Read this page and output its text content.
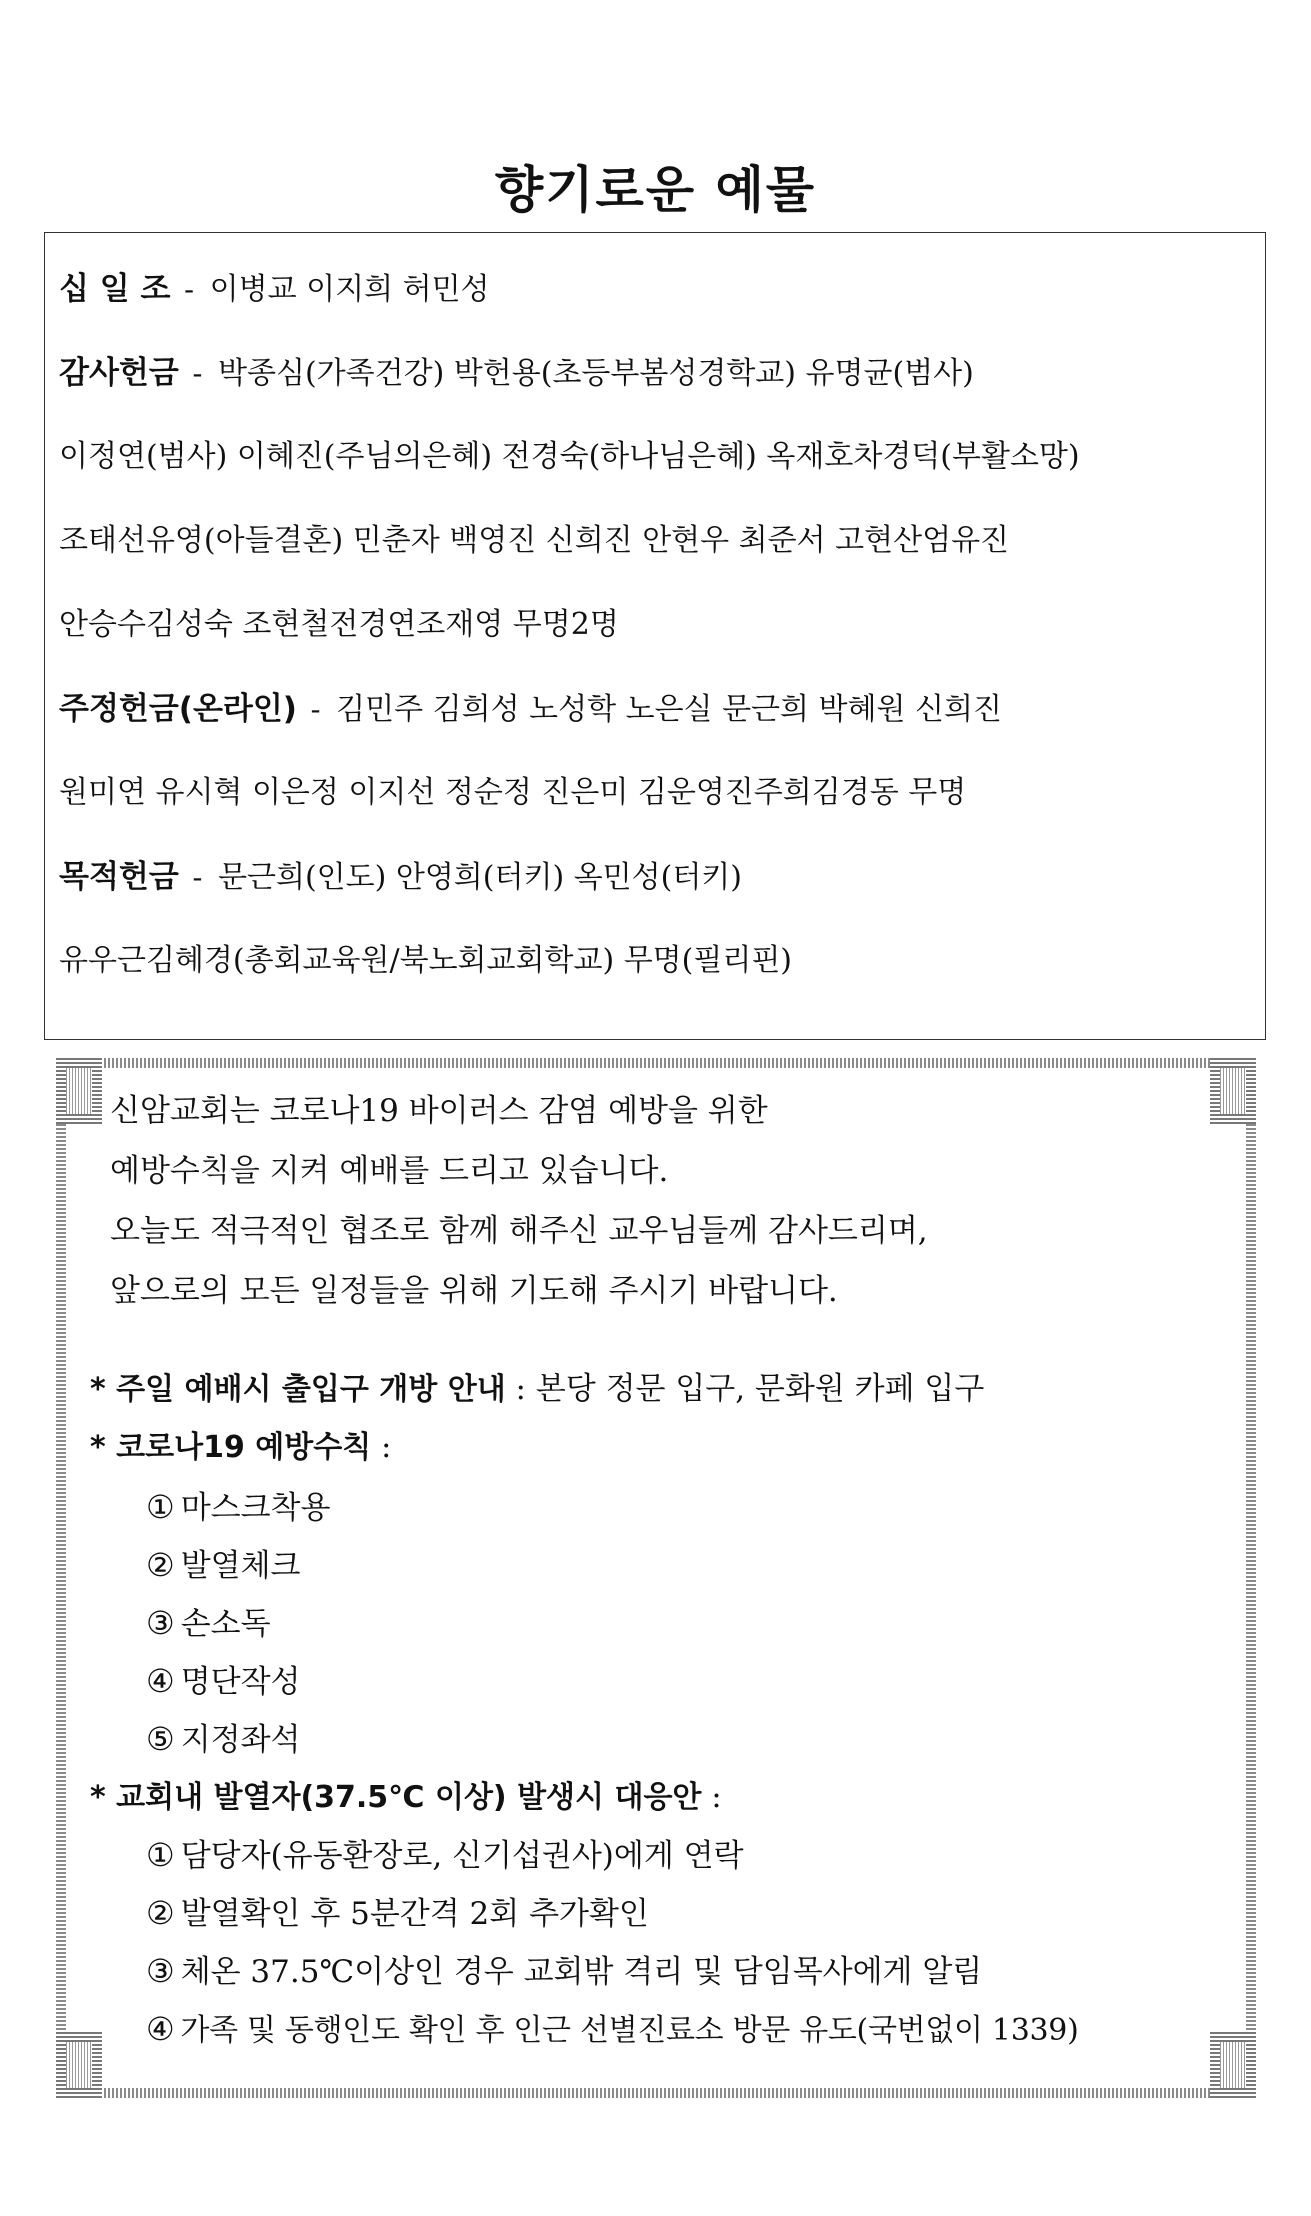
향기로운 예물
십 일 조 - 이병교 이지희 허민성
감사헌금 - 박종심(가족건강) 박헌용(초등부봄성경학교) 유명균(범사)
이정연(범사) 이혜진(주님의은혜) 전경숙(하나님은혜) 옥재호차경덕(부활소망)
조태선유영(아들결혼) 민춘자 백영진 신희진 안현우 최준서 고현산엄유진
안승수김성숙 조현철전경연조재영 무명2명
주정헌금(온라인) - 김민주 김희성 노성학 노은실 문근희 박혜원 신희진
원미연 유시혁 이은정 이지선 정순정 진은미 김운영진주희김경동 무명
목적헌금 - 문근희(인도) 안영희(터키) 옥민성(터키)
유우근김혜경(총회교육원/북노회교회학교) 무명(필리핀)
신암교회는 코로나19 바이러스 감염 예방을 위한
예방수칙을 지켜 예배를 드리고 있습니다.
오늘도 적극적인 협조로 함께 해주신 교우님들께 감사드리며,
앞으로의 모든 일정들을 위해 기도해 주시기 바랍니다.
* 주일 예배시 출입구 개방 안내 : 본당 정문 입구, 문화원 카페 입구
* 코로나19 예방수칙 :
① 마스크착용
② 발열체크
③ 손소독
④ 명단작성
⑤ 지정좌석
* 교회내 발열자(37.5℃ 이상) 발생시 대응안 :
① 담당자(유동환장로, 신기섭권사)에게 연락
② 발열확인 후 5분간격 2회 추가확인
③ 체온 37.5℃이상인 경우 교회밖 격리 및 담임목사에게 알림
④ 가족 및 동행인도 확인 후 인근 선별진료소 방문 유도(국번없이 1339)
